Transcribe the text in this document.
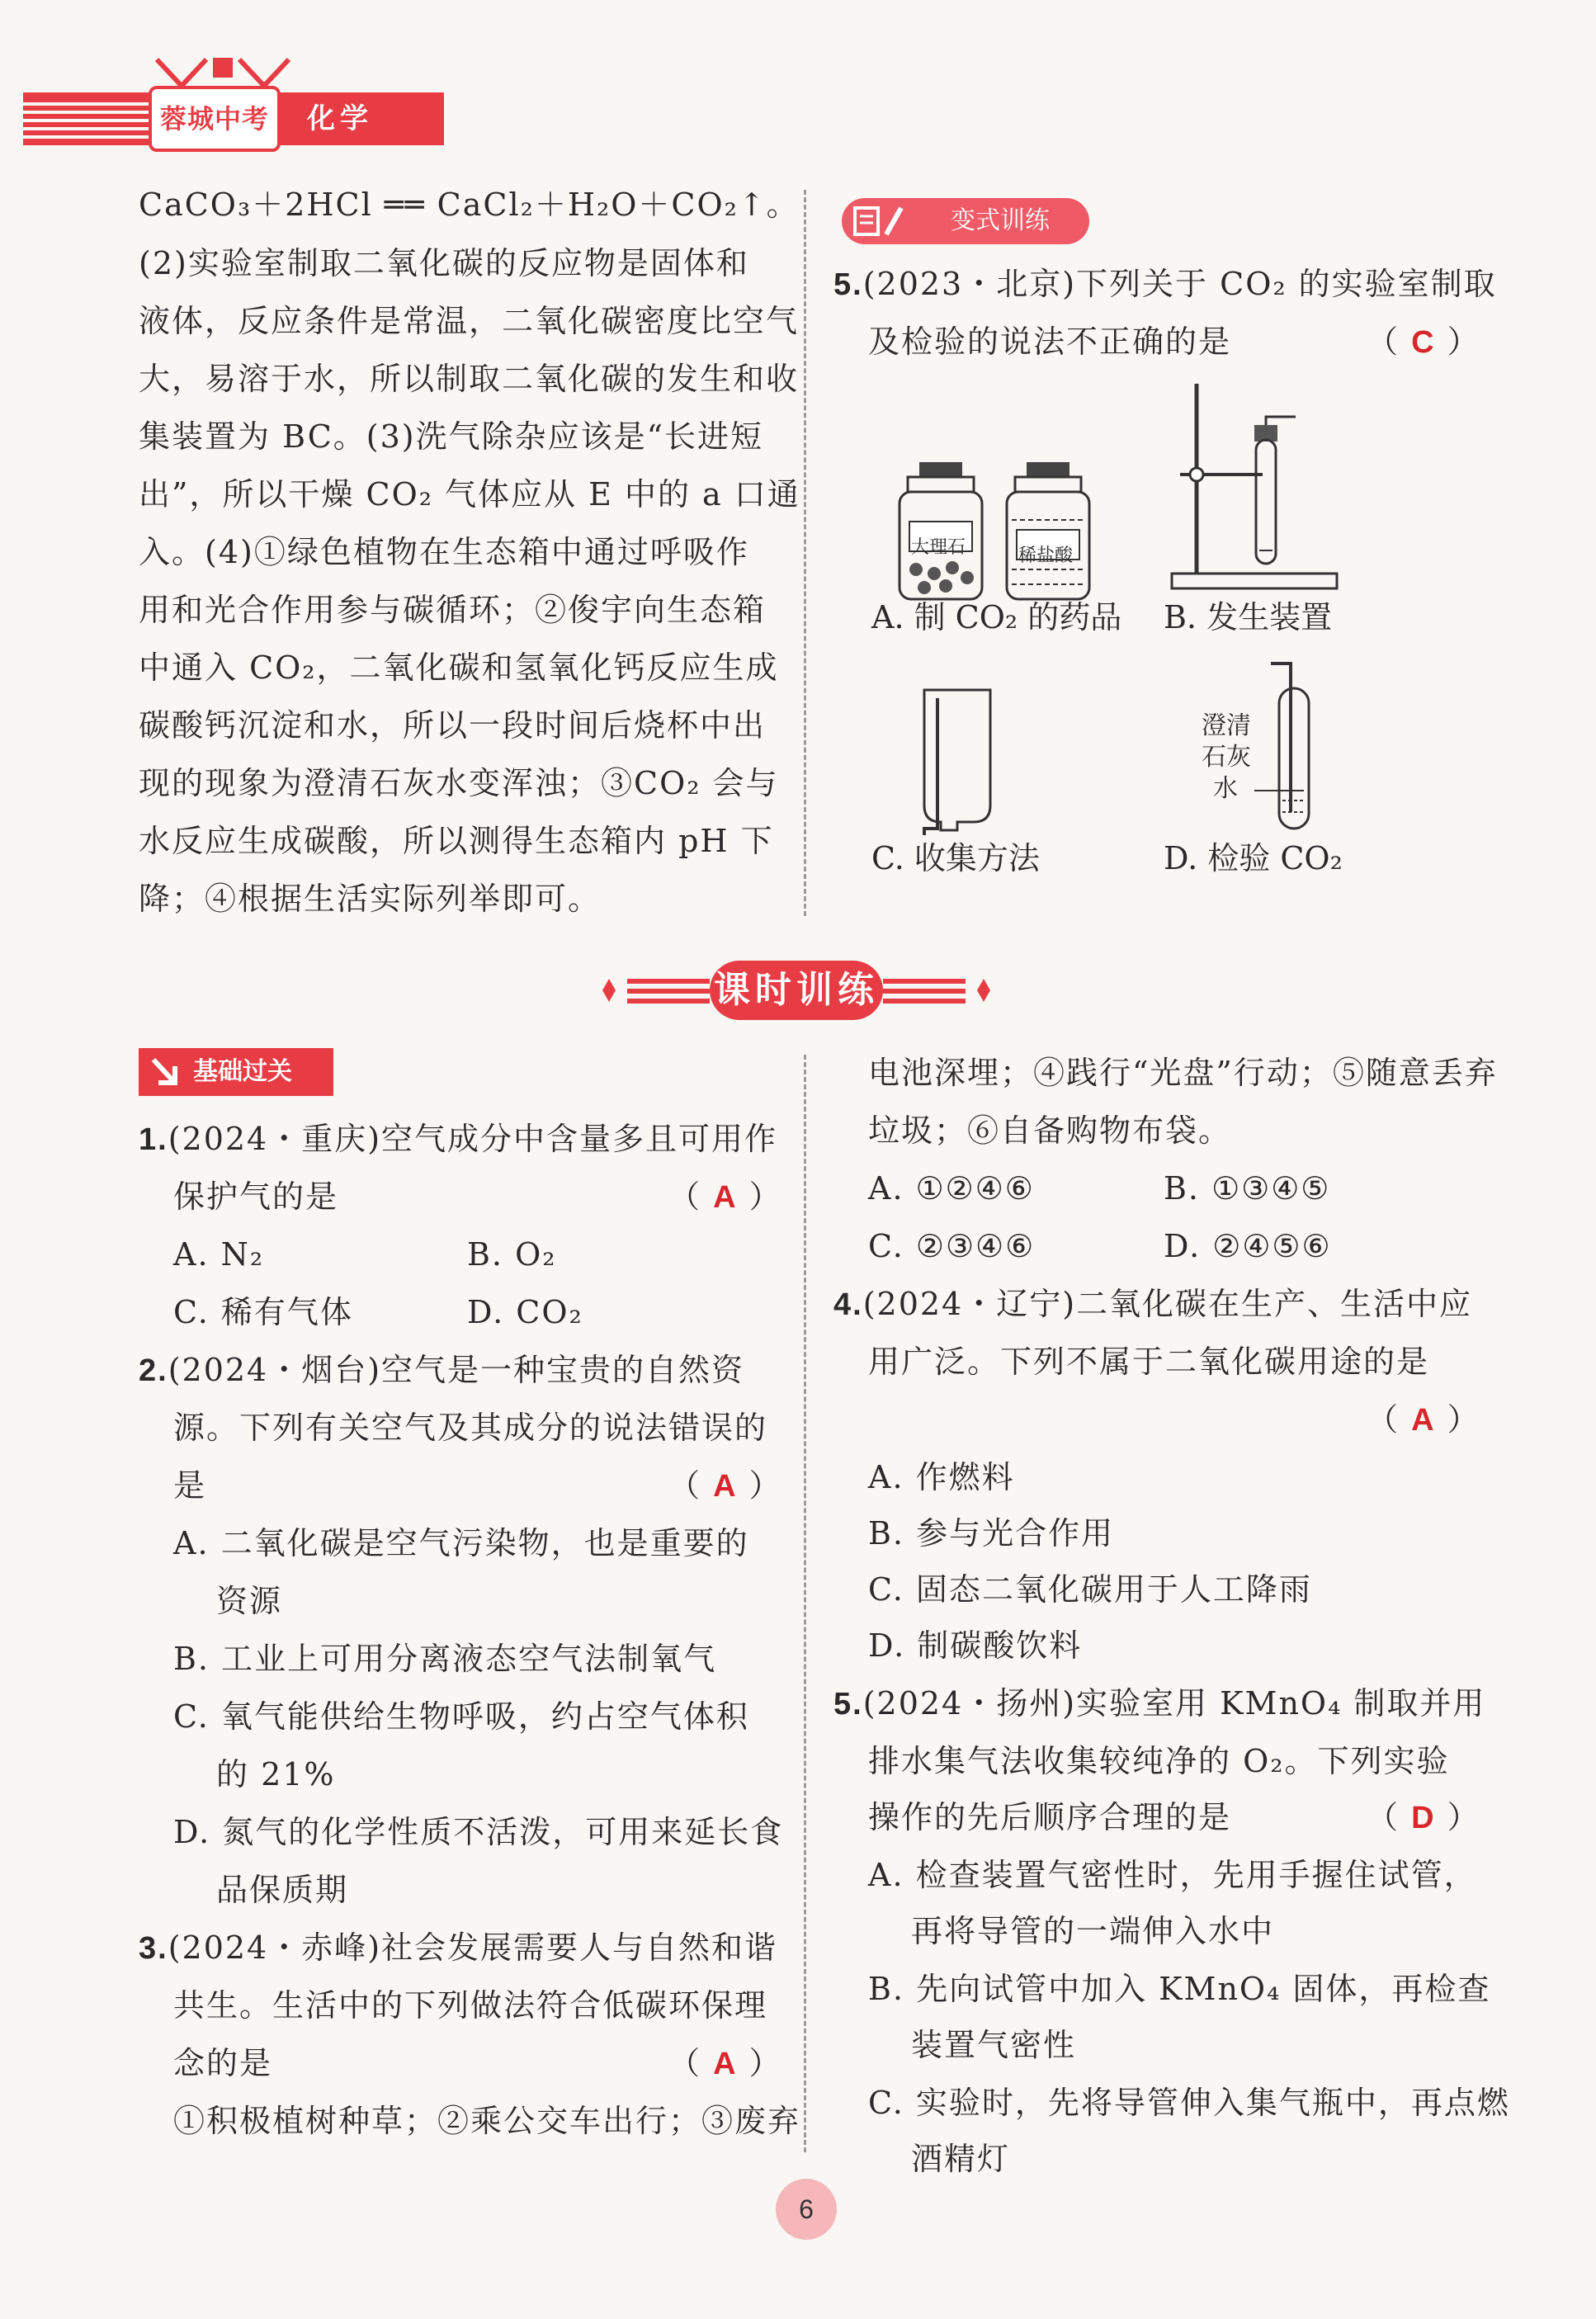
蓉城中考 化学
CaCO₃＋2HCl ══ CaCl₂＋H₂O＋CO₂↑。
(2)实验室制取二氧化碳的反应物是固体和
液体，反应条件是常温，二氧化碳密度比空气
大，易溶于水，所以制取二氧化碳的发生和收
集装置为 BC。(3)洗气除杂应该是“长进短
出”，所以干燥 CO₂ 气体应从 E 中的 a 口通
入。(4)①绿色植物在生态箱中通过呼吸作
用和光合作用参与碳循环；②俊宇向生态箱
中通入 CO₂，二氧化碳和氢氧化钙反应生成
碳酸钙沉淀和水，所以一段时间后烧杯中出
现的现象为澄清石灰水变浑浊；③CO₂ 会与
水反应生成碳酸，所以测得生态箱内 pH 下
降；④根据生活实际列举即可。
变式训练
5.(2023・北京)下列关于 CO₂ 的实验室制取
及检验的说法不正确的是	（ C ）
大理石	稀盐酸
A. 制 CO₂ 的药品 B. 发生装置
C. 收集方法
澄清
石灰
水
D. 检验 CO₂
课时训练
基础过关
1.(2024・重庆)空气成分中含量多且可用作
保护气的是	（ A ）
A. N₂	B. O₂
C. 稀有气体	D. CO₂
2.(2024・烟台)空气是一种宝贵的自然资
源。下列有关空气及其成分的说法错误的
是	（ A ）
A. 二氧化碳是空气污染物，也是重要的
资源
B. 工业上可用分离液态空气法制氧气
C. 氧气能供给生物呼吸，约占空气体积
的 21%
D. 氮气的化学性质不活泼，可用来延长食
品保质期
3.(2024・赤峰)社会发展需要人与自然和谐
共生。生活中的下列做法符合低碳环保理
念的是	（ A ）
①积极植树种草；②乘公交车出行；③废弃
电池深埋；④践行“光盘”行动；⑤随意丢弃
垃圾；⑥自备购物布袋。
A. ①②④⑥	B. ①③④⑤
C. ②③④⑥	D. ②④⑤⑥
4.(2024・辽宁)二氧化碳在生产、生活中应
用广泛。下列不属于二氧化碳用途的是
（ A ）
A. 作燃料
B. 参与光合作用
C. 固态二氧化碳用于人工降雨
D. 制碳酸饮料
5.(2024・扬州)实验室用 KMnO₄ 制取并用
排水集气法收集较纯净的 O₂。下列实验
操作的先后顺序合理的是	（ D ）
A. 检查装置气密性时，先用手握住试管，
再将导管的一端伸入水中
B. 先向试管中加入 KMnO₄ 固体，再检查
装置气密性
C. 实验时，先将导管伸入集气瓶中，再点燃
酒精灯
6
